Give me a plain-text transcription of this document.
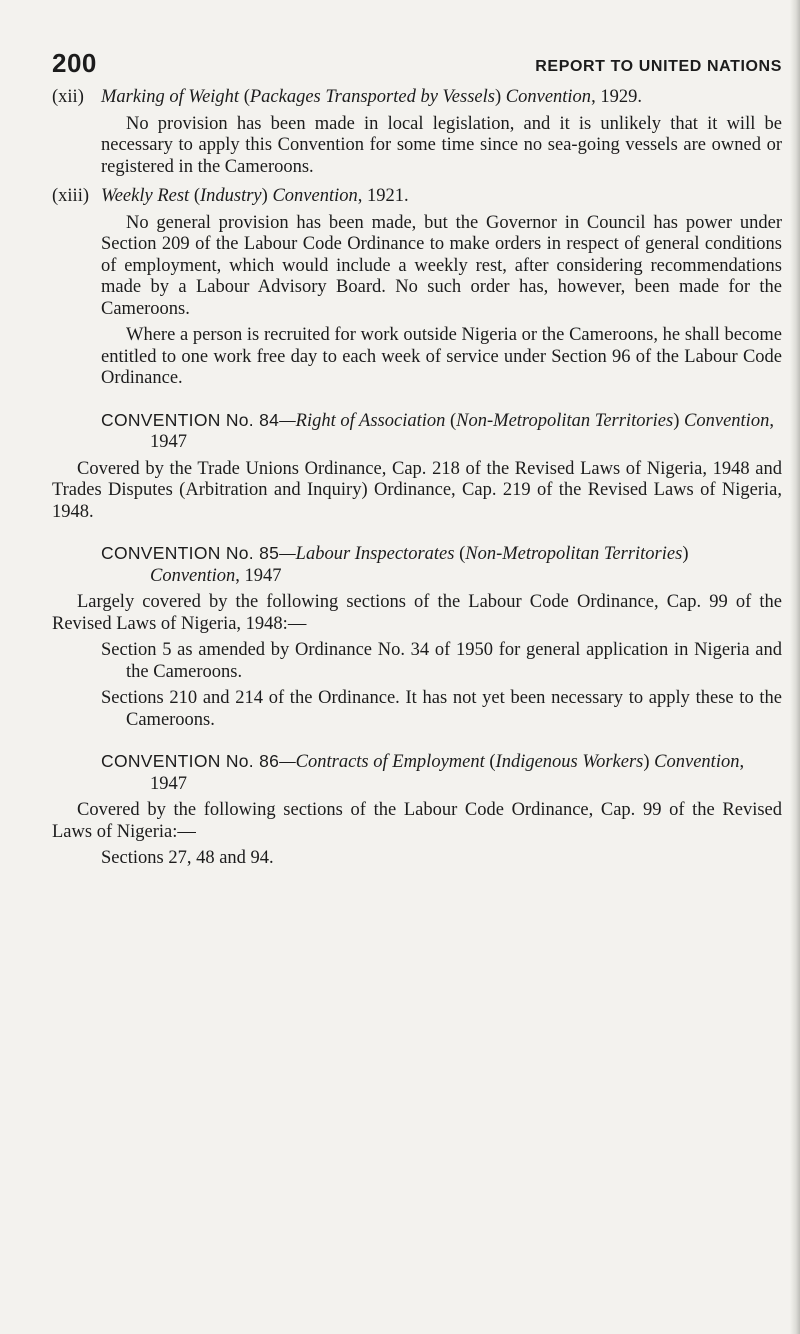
200	REPORT TO UNITED NATIONS

(xii) Marking of Weight (Packages Transported by Vessels) Convention, 1929.

No provision has been made in local legislation, and it is unlikely that it will be necessary to apply this Convention for some time since no sea-going vessels are owned or registered in the Cameroons.

(xiii) Weekly Rest (Industry) Convention, 1921.

No general provision has been made, but the Governor in Council has power under Section 209 of the Labour Code Ordinance to make orders in respect of general conditions of employment, which would include a weekly rest, after considering recommendations made by a Labour Advisory Board. No such order has, however, been made for the Cameroons.

Where a person is recruited for work outside Nigeria or the Cameroons, he shall become entitled to one work free day to each week of service under Section 96 of the Labour Code Ordinance.

CONVENTION No. 84—Right of Association (Non-Metropolitan Territories) Convention, 1947

Covered by the Trade Unions Ordinance, Cap. 218 of the Revised Laws of Nigeria, 1948 and Trades Disputes (Arbitration and Inquiry) Ordinance, Cap. 219 of the Revised Laws of Nigeria, 1948.

CONVENTION No. 85—Labour Inspectorates (Non-Metropolitan Territories) Convention, 1947

Largely covered by the following sections of the Labour Code Ordinance, Cap. 99 of the Revised Laws of Nigeria, 1948:—

Section 5 as amended by Ordinance No. 34 of 1950 for general application in Nigeria and the Cameroons.

Sections 210 and 214 of the Ordinance. It has not yet been necessary to apply these to the Cameroons.

CONVENTION No. 86—Contracts of Employment (Indigenous Workers) Convention, 1947

Covered by the following sections of the Labour Code Ordinance, Cap. 99 of the Revised Laws of Nigeria:—

Sections 27, 48 and 94.
